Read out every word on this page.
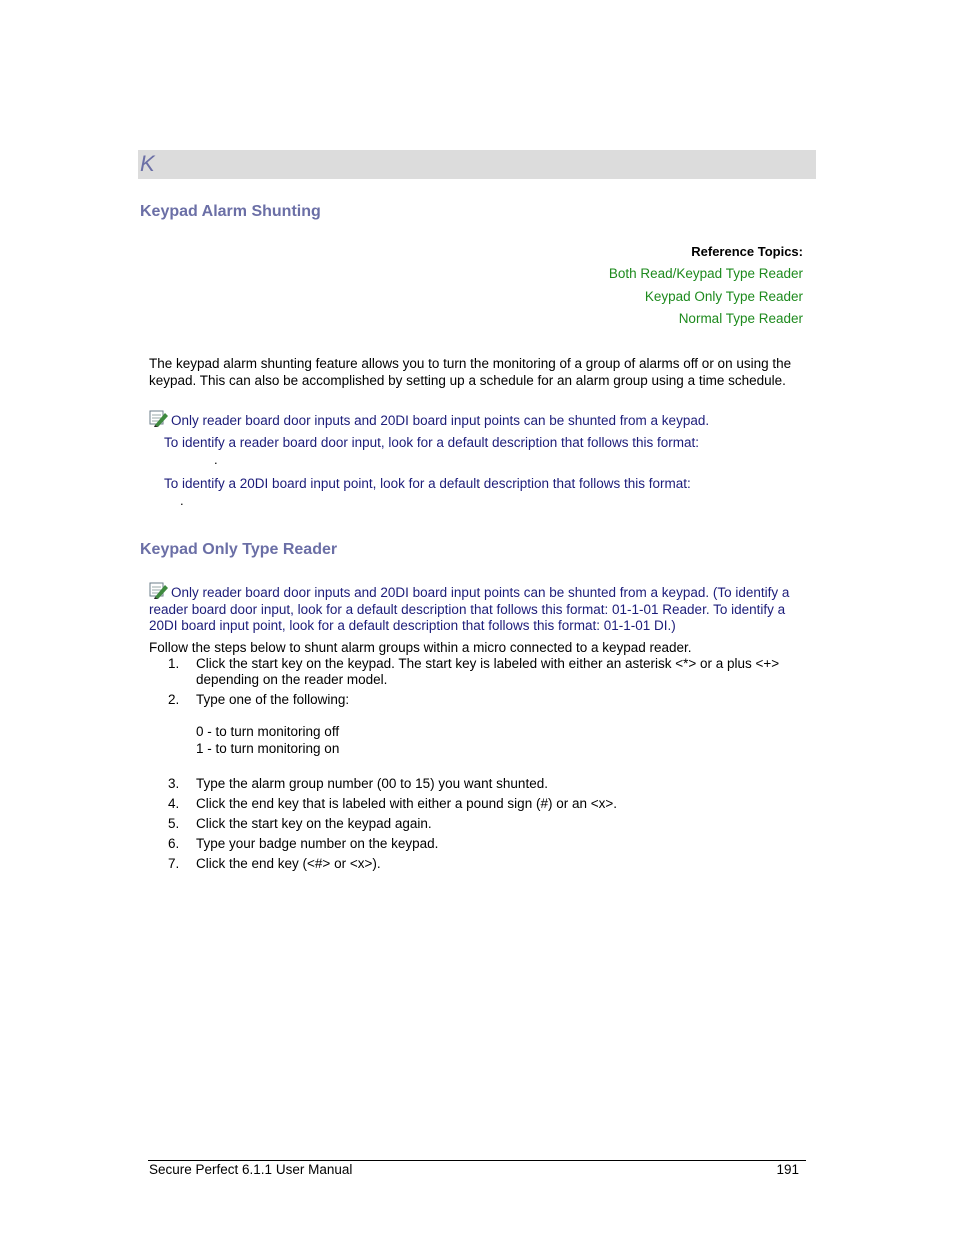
K
Keypad Alarm Shunting
Reference Topics:
Both Read/Keypad Type Reader
Keypad Only Type Reader
Normal Type Reader
The keypad alarm shunting feature allows you to turn the monitoring of a group of alarms off or on using the keypad. This can also be accomplished by setting up a schedule for an alarm group using a time schedule.
Only reader board door inputs and 20DI board input points can be shunted from a keypad.
To identify a reader board door input, look for a default description that follows this format:
.
To identify a 20DI board input point, look for a default description that follows this format:
.
Keypad Only Type Reader
Only reader board door inputs and 20DI board input points can be shunted from a keypad. (To identify a reader board door input, look for a default description that follows this format: 01-1-01 Reader. To identify a 20DI board input point, look for a default description that follows this format: 01-1-01 DI.)
Follow the steps below to shunt alarm groups within a micro connected to a keypad reader.
1. Click the start key on the keypad. The start key is labeled with either an asterisk <*> or a plus <+> depending on the reader model.
2. Type one of the following:
0 - to turn monitoring off
1 - to turn monitoring on
3. Type the alarm group number (00 to 15) you want shunted.
4. Click the end key that is labeled with either a pound sign (#) or an <x>.
5. Click the start key on the keypad again.
6. Type your badge number on the keypad.
7. Click the end key (<#> or <x>).
Secure Perfect 6.1.1 User Manual	191
